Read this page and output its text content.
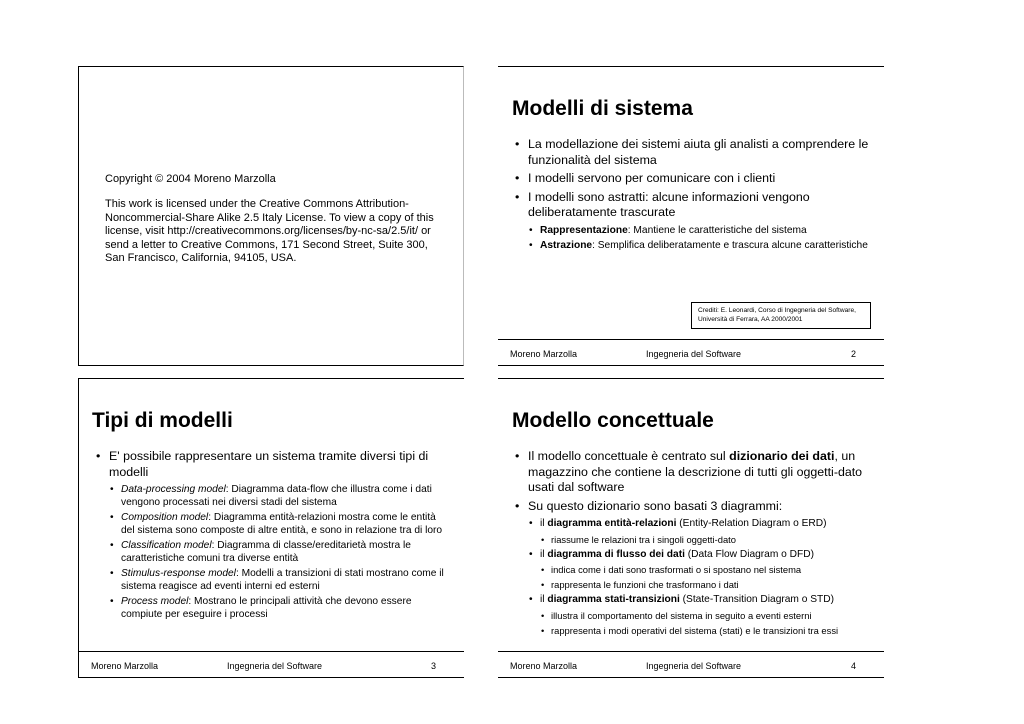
Copyright © 2004 Moreno Marzolla

This work is licensed under the Creative Commons Attribution-Noncommercial-Share Alike 2.5 Italy License. To view a copy of this license, visit http://creativecommons.org/licenses/by-nc-sa/2.5/it/ or send a letter to Creative Commons, 171 Second Street, Suite 300, San Francisco, California, 94105, USA.

Modelli di sistema
• La modellazione dei sistemi aiuta gli analisti a comprendere le funzionalità del sistema
• I modelli servono per comunicare con i clienti
• I modelli sono astratti: alcune informazioni vengono deliberatamente trascurate
• Rappresentazione: Mantiene le caratteristiche del sistema
• Astrazione: Semplifica deliberatamente e trascura alcune caratteristiche
Crediti: E. Leonardi, Corso di Ingegneria del Software, Università di Ferrara, AA 2000/2001
Moreno Marzolla	Ingegneria del Software	2
Tipi di modelli
• E' possibile rappresentare un sistema tramite diversi tipi di modelli
• Data-processing model: Diagramma data-flow che illustra come i dati vengono processati nei diversi stadi del sistema
• Composition model: Diagramma entità-relazioni mostra come le entità del sistema sono composte di altre entità, e sono in relazione tra di loro
• Classification model: Diagramma di classe/ereditarietà mostra le caratteristiche comuni tra diverse entità
• Stimulus-response model: Modelli a transizioni di stati mostrano come il sistema reagisce ad eventi interni ed esterni
• Process model: Mostrano le principali attività che devono essere compiute per eseguire i processi
Moreno Marzolla	Ingegneria del Software	3
Modello concettuale
• Il modello concettuale è centrato sul dizionario dei dati, un magazzino che contiene la descrizione di tutti gli oggetti-dato usati dal software
• Su questo dizionario sono basati 3 diagrammi:
• il diagramma entità-relazioni (Entity-Relation Diagram o ERD)
• riassume le relazioni tra i singoli oggetti-dato
• il diagramma di flusso dei dati (Data Flow Diagram o DFD)
• indica come i dati sono trasformati o si spostano nel sistema
• rappresenta le funzioni che trasformano i dati
• il diagramma stati-transizioni (State-Transition Diagram o STD)
• illustra il comportamento del sistema in seguito a eventi esterni
• rappresenta i modi operativi del sistema (stati) e le transizioni tra essi
Moreno Marzolla	Ingegneria del Software	4
